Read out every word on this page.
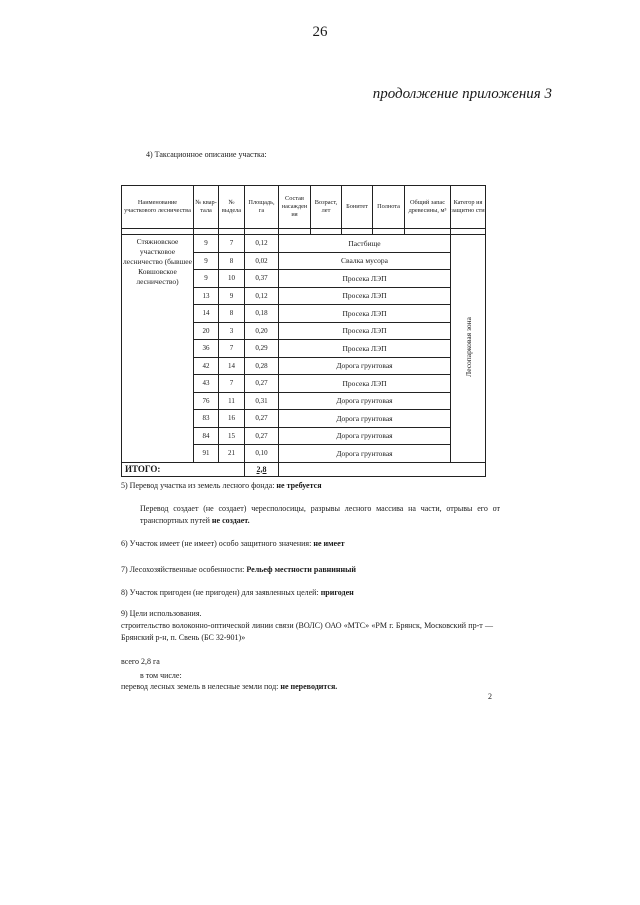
26
продолжение приложения 3
4) Таксационное описание участка:
Наименование участкового лесничества	№ квар-тала	№ выдела	Площадь, га	Состав насажден ия	Возраст, лет	Бонитет	Полнота	Общий запас древесины, м³	Категор ия защитно сти

Стяжновское участковое лесничество (бывшее Ковшовское лесничество)	9	7	0,12	Пастбище					Лесопарковая зона
	9	8	0,02	Свалка мусора					
	9	10	0,37	Просека ЛЭП					
	13	9	0,12	Просека ЛЭП					
	14	8	0,18	Просека ЛЭП					
	20	3	0,20	Просека ЛЭП					
	36	7	0,29	Просека ЛЭП					
	42	14	0,28	Дорога грунтовая					
	43	7	0,27	Просека ЛЭП					
	76	11	0,31	Дорога грунтовая					
	83	16	0,27	Дорога грунтовая					
	84	15	0,27	Дорога грунтовая					
	91	21	0,10	Дорога грунтовая					
ИТОГО:			2,8						
5) Перевод участка из земель лесного фонда: не требуется
Перевод создает (не создает) чересполосицы, разрывы лесного массива на части, отрывы его от транспортных путей не создает.
6) Участок имеет (не имеет) особо защитного значения: не имеет
7) Лесохозяйственные особенности: Рельеф местности равнинный
8) Участок пригоден (не пригоден) для заявленных целей: пригоден
9) Цели использования.
строительство волоконно-оптической линии связи (ВОЛС) ОАО «МТС» «РМ г. Брянск, Московский пр-т — Брянский р-н, п. Свень (БС 32-901)»
всего 2,8 га
в том числе:
перевод лесных земель в нелесные земли под: не переводится.
2
